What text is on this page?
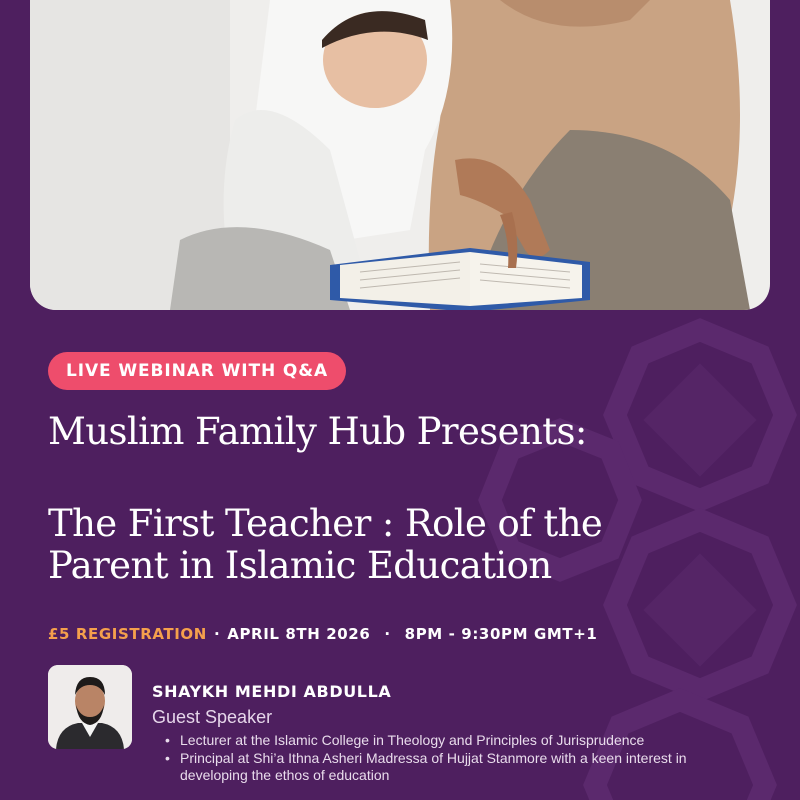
LIVE WEBINAR WITH Q&A
Muslim Family Hub Presents:
The First Teacher : Role of the
Parent in Islamic Education
£5 REGISTRATION · APRIL 8TH 2026 · 8PM - 9:30PM GMT+1
SHAYKH MEHDI ABDULLA
Guest Speaker
• Lecturer at the Islamic College in Theology and Principles of Jurisprudence
• Principal at Shi’a Ithna Asheri Madressa of Hujjat Stanmore with a keen interest in developing the ethos of education
